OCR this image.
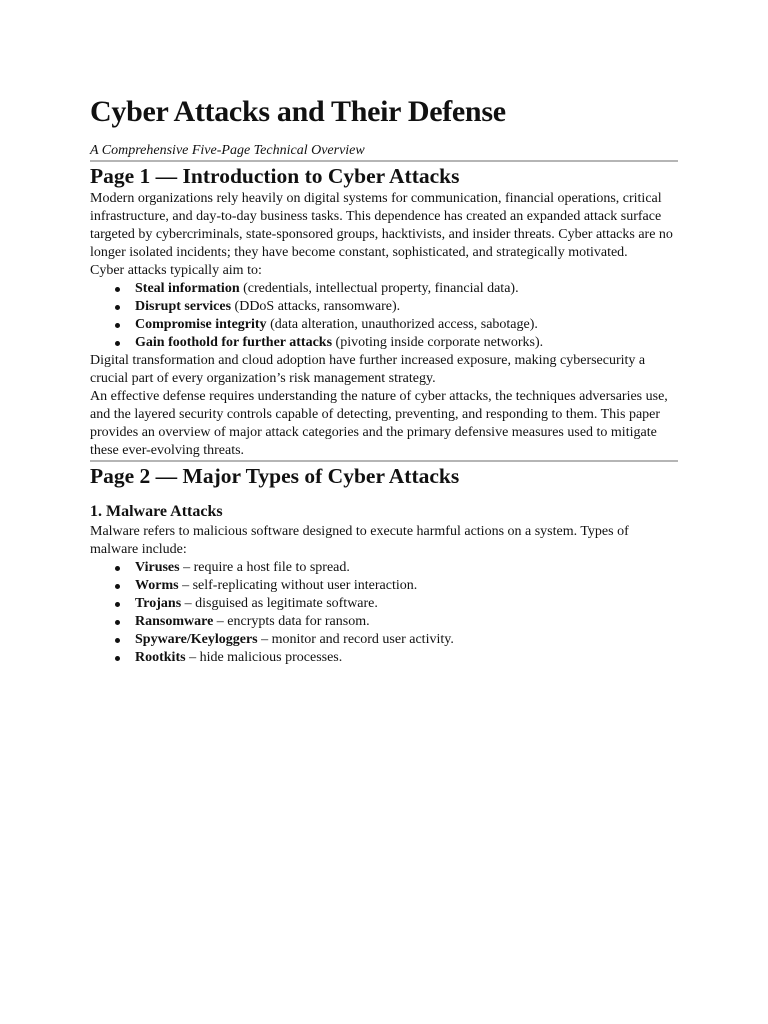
Cyber Attacks and Their Defense

A Comprehensive Five-Page Technical Overview

Page 1 — Introduction to Cyber Attacks

Modern organizations rely heavily on digital systems for communication, financial operations, critical infrastructure, and day-to-day business tasks. This dependence has created an expanded attack surface targeted by cybercriminals, state-sponsored groups, hacktivists, and insider threats. Cyber attacks are no longer isolated incidents; they have become constant, sophisticated, and strategically motivated.

Cyber attacks typically aim to:

Steal information (credentials, intellectual property, financial data).
Disrupt services (DDoS attacks, ransomware).
Compromise integrity (data alteration, unauthorized access, sabotage).
Gain foothold for further attacks (pivoting inside corporate networks).

Digital transformation and cloud adoption have further increased exposure, making cybersecurity a crucial part of every organization’s risk management strategy.

An effective defense requires understanding the nature of cyber attacks, the techniques adversaries use, and the layered security controls capable of detecting, preventing, and responding to them. This paper provides an overview of major attack categories and the primary defensive measures used to mitigate these ever-evolving threats.

Page 2 — Major Types of Cyber Attacks
1. Malware Attacks

Malware refers to malicious software designed to execute harmful actions on a system. Types of malware include:

Viruses – require a host file to spread.
Worms – self-replicating without user interaction.
Trojans – disguised as legitimate software.
Ransomware – encrypts data for ransom.
Spyware/Keyloggers – monitor and record user activity.
Rootkits – hide malicious processes.
